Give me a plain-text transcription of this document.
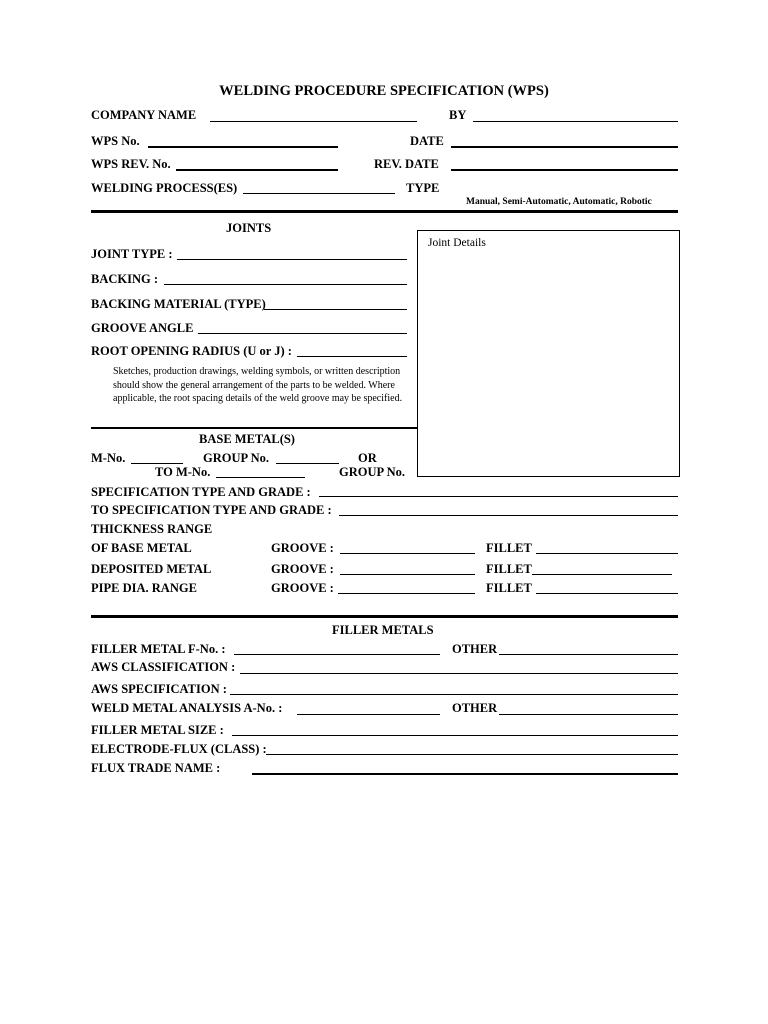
WELDING PROCEDURE SPECIFICATION (WPS)
COMPANY NAME	BY
WPS No.	DATE
WPS REV. No.	REV. DATE
WELDING PROCESS(ES)	TYPE
Manual, Semi-Automatic, Automatic, Robotic
JOINTS
Joint Details
JOINT TYPE :
BACKING :
BACKING MATERIAL (TYPE)
GROOVE ANGLE
ROOT OPENING RADIUS (U or J) :
Sketches, production drawings, welding symbols, or written description should show the general arrangement of the parts to be welded. Where applicable, the root spacing details of the weld groove may be specified.
BASE METAL(S)
M-No.	GROUP No.	OR
TO M-No.	GROUP No.
SPECIFICATION TYPE AND GRADE :
TO SPECIFICATION TYPE AND GRADE :
THICKNESS RANGE
OF BASE METAL	GROOVE :	FILLET
DEPOSITED METAL	GROOVE :	FILLET
PIPE DIA. RANGE	GROOVE :	FILLET
FILLER METALS
FILLER METAL F-No. :	OTHER
AWS CLASSIFICATION :
AWS SPECIFICATION :
WELD METAL ANALYSIS A-No. :	OTHER
FILLER METAL SIZE :
ELECTRODE-FLUX (CLASS) :
FLUX TRADE NAME :
